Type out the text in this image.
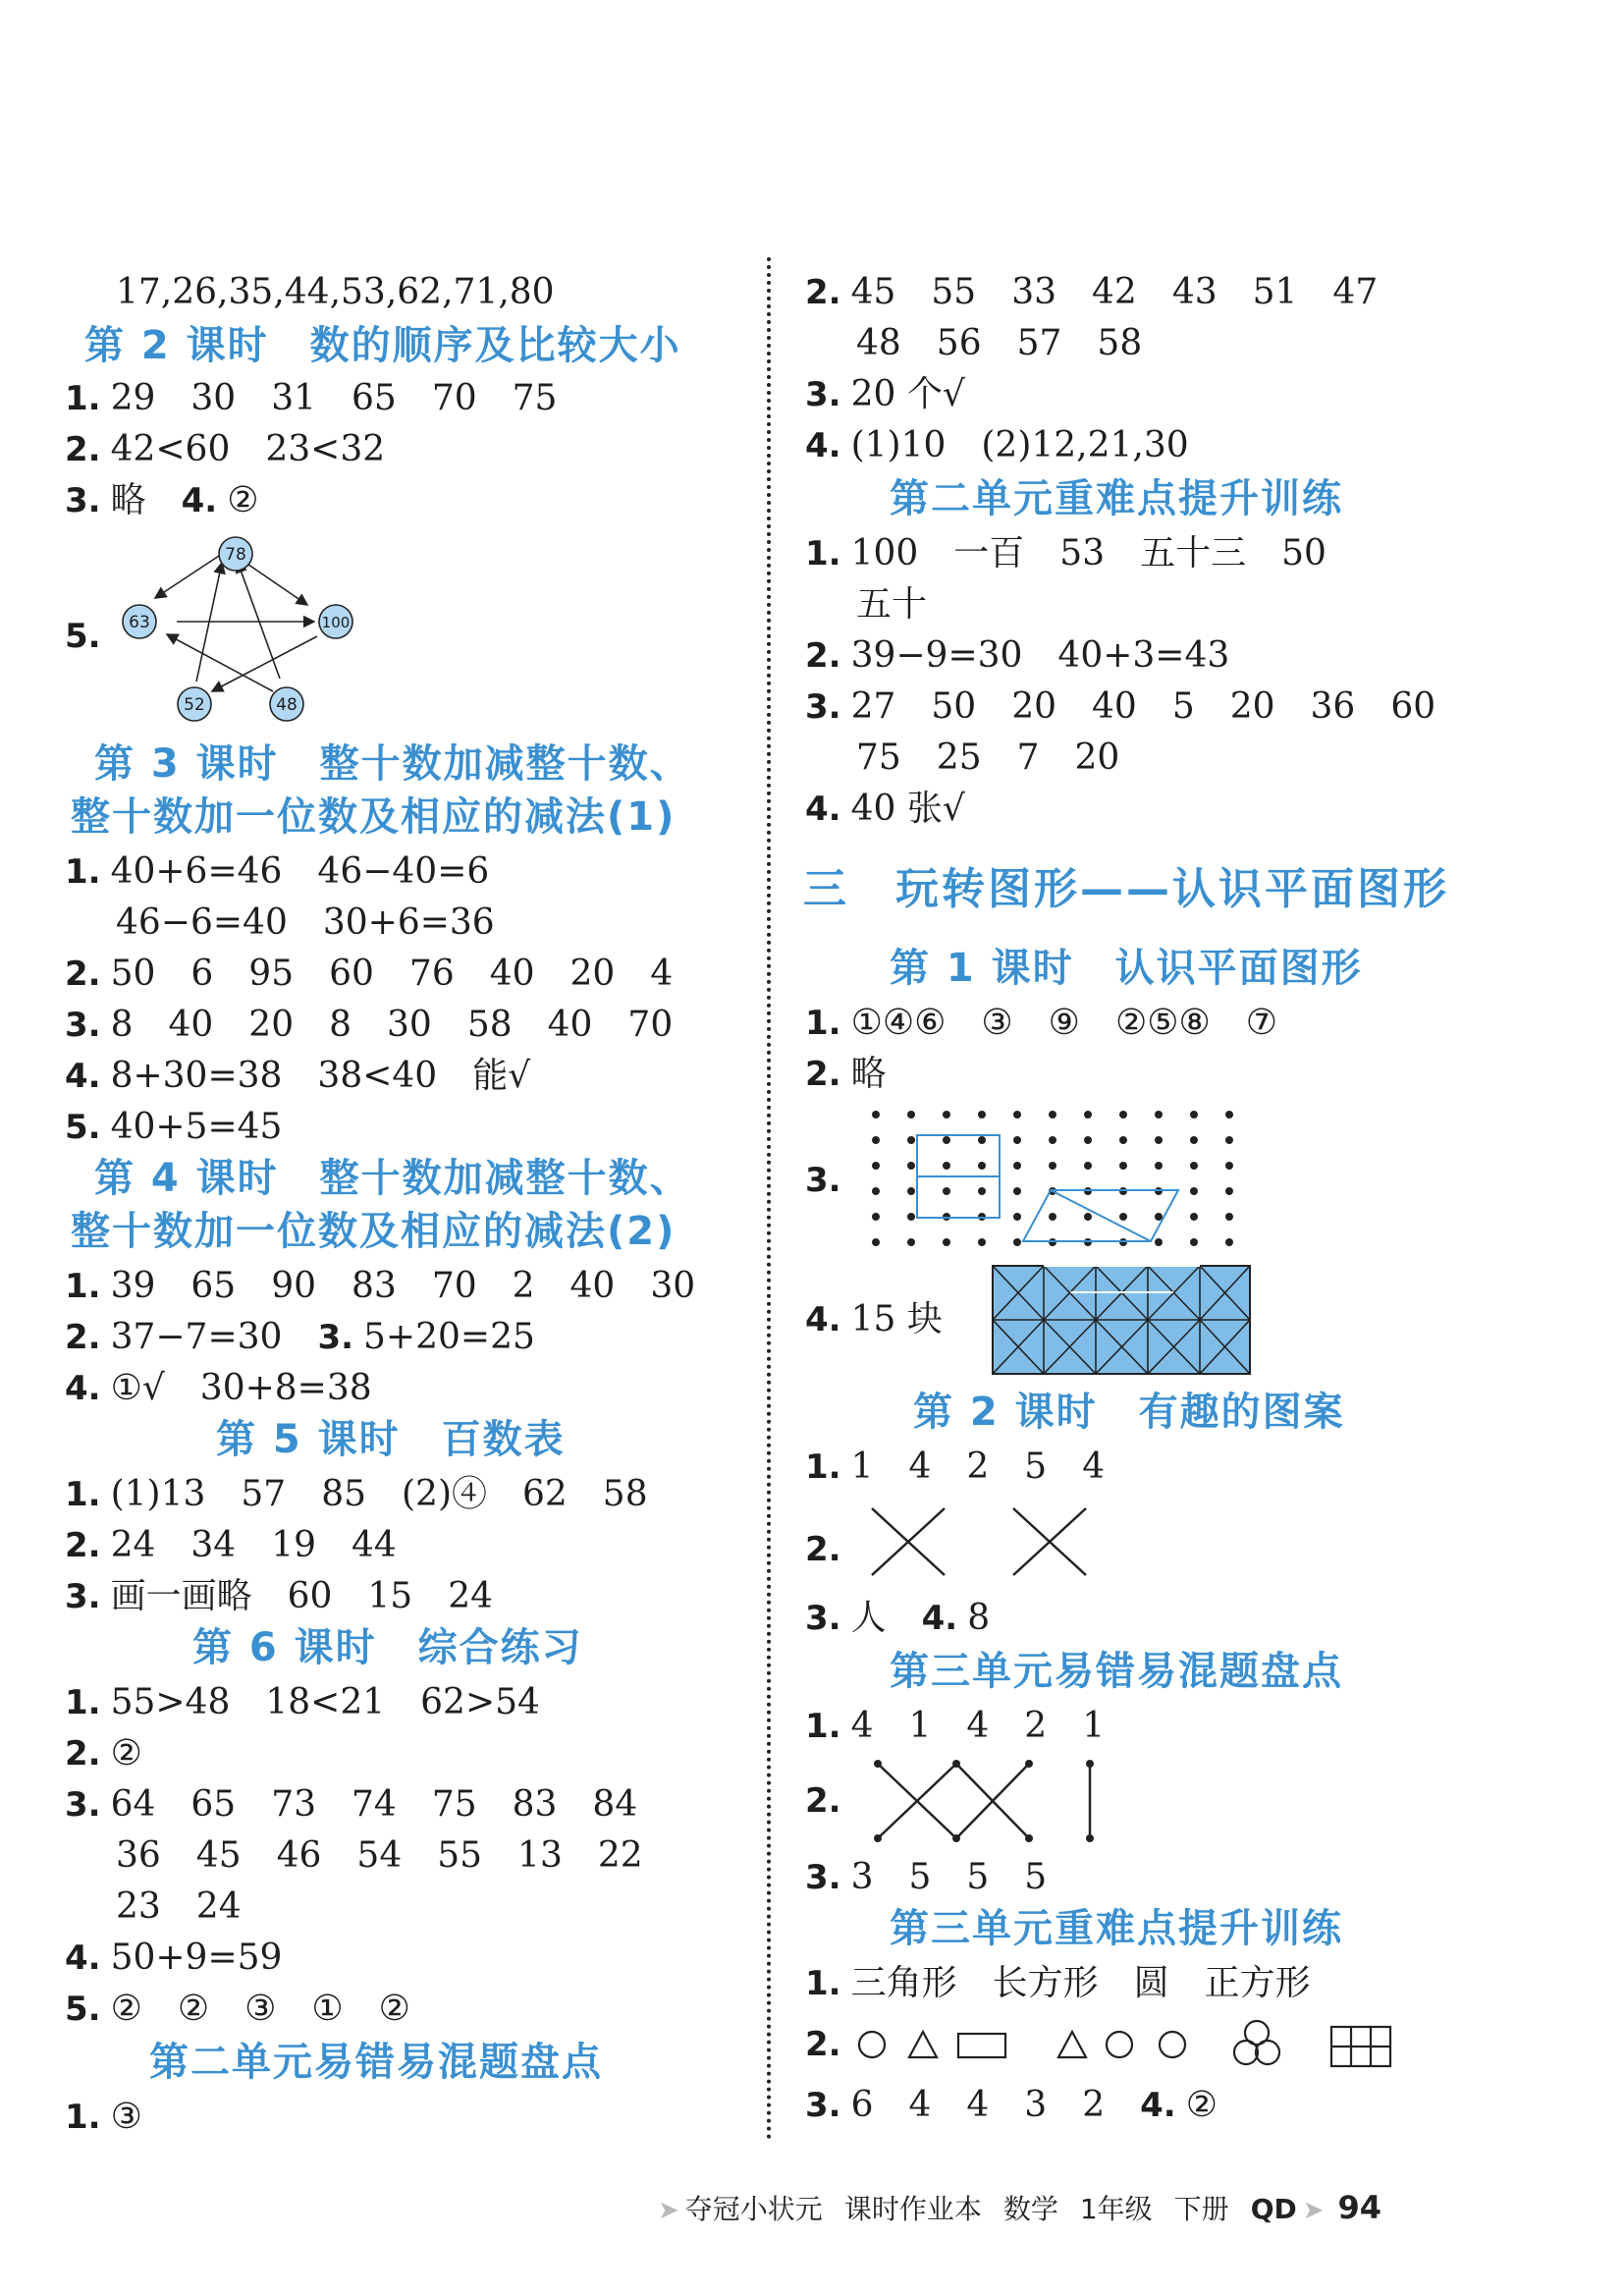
17,26,35,44,53,62,71,80
第 2 课时　数的顺序及比较大小
1. 29　30　31　65　70　75
2. 42<60　23<32
3. 略　 4. ②
5.
78
63	100
52	48
第 3 课时　整十数加减整十数、
整十数加一位数及相应的减法(1)
1. 40+6=46　46−40=6
46−6=40　30+6=36
2. 50　6　95　60　76　40　20　4
3. 8　40　20　8　30　58　40　70
4. 8+30=38　38<40　能√
5. 40+5=45
第 4 课时　整十数加减整十数、
整十数加一位数及相应的减法(2)
1. 39　65　90　83　70　2　40　30
2. 37−7=30　 3. 5+20=25
4. ①√　30+8=38
第 5 课时　百数表
1. (1)13　57　85　(2)④　62　58
2. 24　34　19　44
3. 画一画略　60　15　24
第 6 课时　综合练习
1. 55>48　18<21　62>54
2. ②
3. 64　65　73　74　75　83　84
36　45　46　54　55　13　22
23　24
4. 50+9=59
5. ②　②　③　①　②
第二单元易错易混题盘点
1. ③
2. 45　55　33　42　43　51　47
48　56　57　58
3. 20 个√
4. (1)10　(2)12,21,30
第二单元重难点提升训练
1. 100　一百　53　五十三　50
五十
2. 39−9=30　40+3=43
3. 27　50　20　40　5　20　36　60
75　25　7　20
4. 40 张√
三　 玩转图形——认识平面图形
第 1 课时　认识平面图形
1. ①④⑥　③　⑨　②⑤⑧　⑦
2. 略
3.
4. 15 块
第 2 课时　有趣的图案
1. 1　4　2　5　4
2.
3. 人　 4. 8
第三单元易错易混题盘点
1. 4　1　4　2　1
2.
3. 3　5　5　5
第三单元重难点提升训练
1. 三角形　长方形　圆　正方形
2.
3. 6　4　4　3　2　 4. ②
➤ 夺冠小状元 课时作业本 数学 1年级 下册 QD ➤ 94
